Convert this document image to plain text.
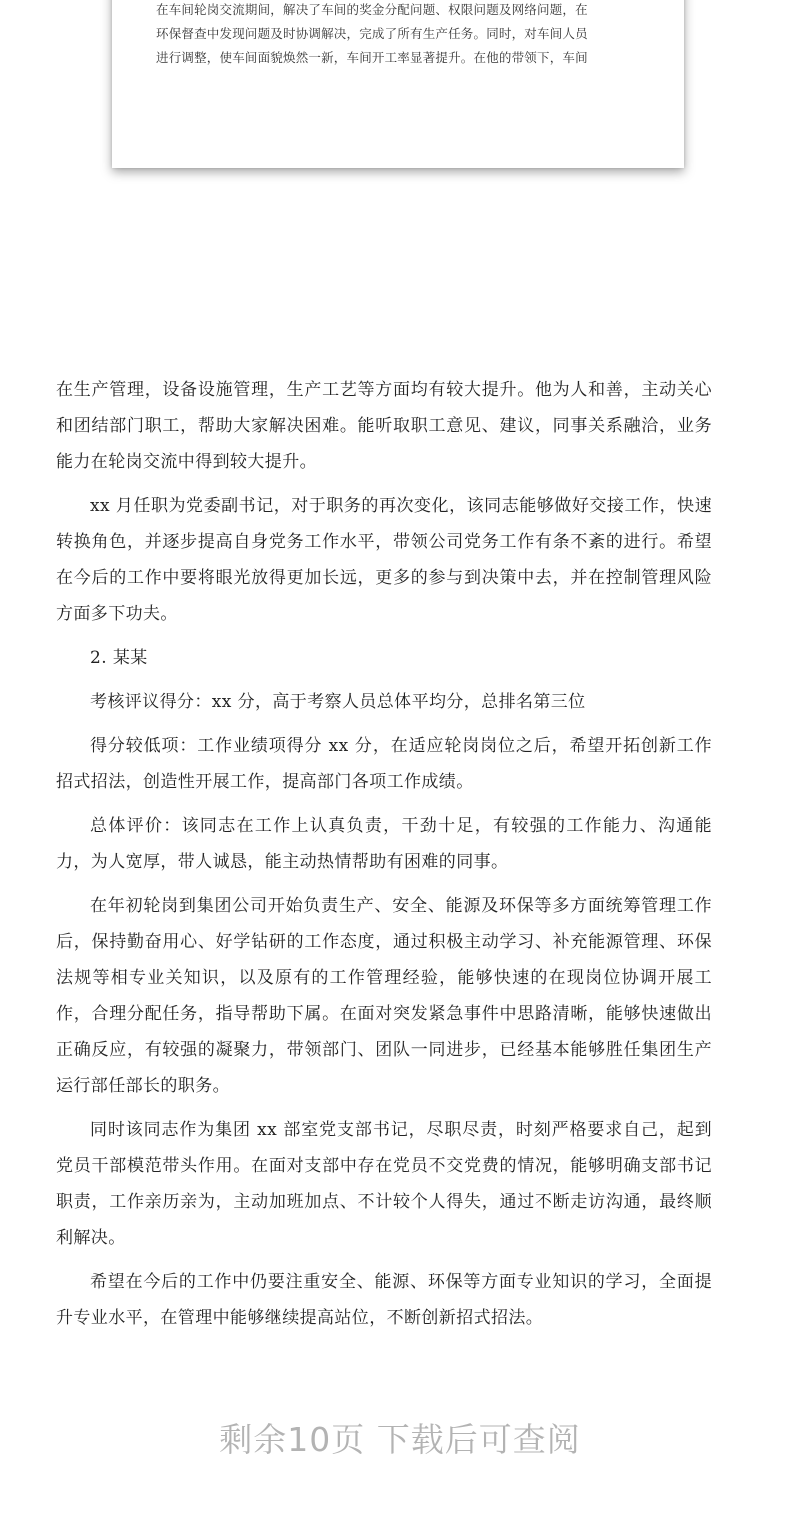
在车间轮岗交流期间，解决了车间的奖金分配问题、权限问题及网络问题，在
环保督查中发现问题及时协调解决，完成了所有生产任务。同时，对车间人员
进行调整，使车间面貌焕然一新，车间开工率显著提升。在他的带领下，车间

在生产管理，设备设施管理，生产工艺等方面均有较大提升。他为人和善，主动关心和团结部门职工，帮助大家解决困难。能听取职工意见、建议，同事关系融洽，业务能力在轮岗交流中得到较大提升。

xx 月任职为党委副书记，对于职务的再次变化，该同志能够做好交接工作，快速转换角色，并逐步提高自身党务工作水平，带领公司党务工作有条不紊的进行。希望在今后的工作中要将眼光放得更加长远，更多的参与到决策中去，并在控制管理风险方面多下功夫。

2. 某某

考核评议得分：xx 分，高于考察人员总体平均分，总排名第三位

得分较低项：工作业绩项得分 xx 分，在适应轮岗岗位之后，希望开拓创新工作招式招法，创造性开展工作，提高部门各项工作成绩。

总体评价：该同志在工作上认真负责，干劲十足，有较强的工作能力、沟通能力，为人宽厚，带人诚恳，能主动热情帮助有困难的同事。

在年初轮岗到集团公司开始负责生产、安全、能源及环保等多方面统筹管理工作后，保持勤奋用心、好学钻研的工作态度，通过积极主动学习、补充能源管理、环保法规等相专业关知识，以及原有的工作管理经验，能够快速的在现岗位协调开展工作，合理分配任务，指导帮助下属。在面对突发紧急事件中思路清晰，能够快速做出正确反应，有较强的凝聚力，带领部门、团队一同进步，已经基本能够胜任集团生产运行部任部长的职务。

同时该同志作为集团 xx 部室党支部书记，尽职尽责，时刻严格要求自己，起到党员干部模范带头作用。在面对支部中存在党员不交党费的情况，能够明确支部书记职责，工作亲历亲为，主动加班加点、不计较个人得失，通过不断走访沟通，最终顺利解决。

希望在今后的工作中仍要注重安全、能源、环保等方面专业知识的学习，全面提升专业水平，在管理中能够继续提高站位，不断创新招式招法。

剩余10页 下载后可查阅
